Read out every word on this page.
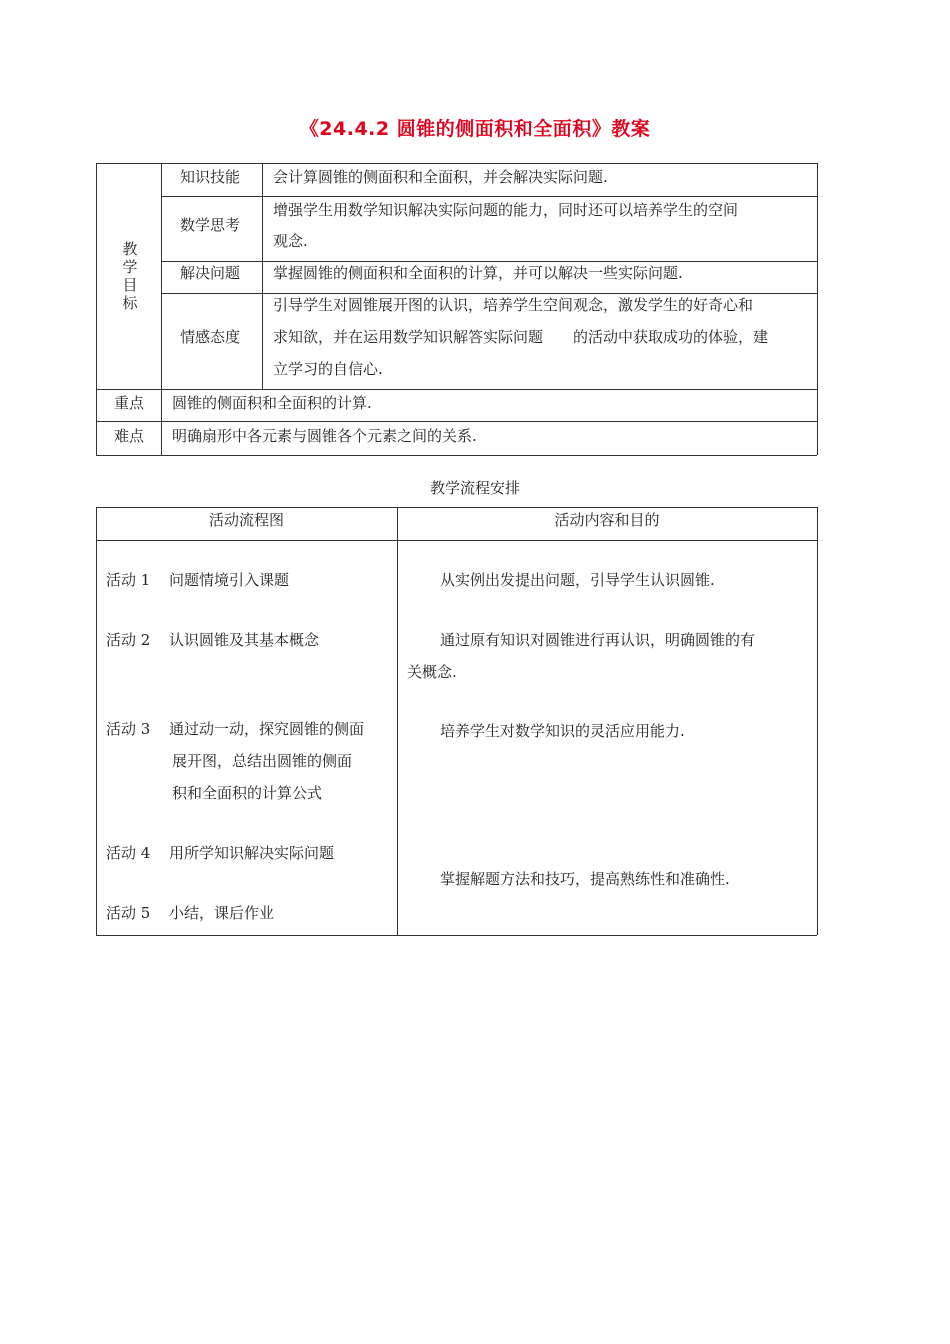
《24.4.2 圆锥的侧面积和全面积》教案
教学目标
知识技能
数学思考
解决问题
情感态度
会计算圆锥的侧面积和全面积，并会解决实际问题.
增强学生用数学知识解决实际问题的能力，同时还可以培养学生的空间
观念.
掌握圆锥的侧面积和全面积的计算，并可以解决一些实际问题.
引导学生对圆锥展开图的认识，培养学生空间观念，激发学生的好奇心和
求知欲，并在运用数学知识解答实际问题　　的活动中获取成功的体验，建
立学习的自信心.
重点 圆锥的侧面积和全面积的计算.
难点 明确扇形中各元素与圆锥各个元素之间的关系.
教学流程安排
活动流程图	活动内容和目的
活动 1 问题情境引入课题
活动 2 认识圆锥及其基本概念
活动 3 通过动一动，探究圆锥的侧面
展开图，总结出圆锥的侧面
积和全面积的计算公式
活动 4 用所学知识解决实际问题
活动 5 小结，课后作业
从实例出发提出问题，引导学生认识圆锥.
通过原有知识对圆锥进行再认识，明确圆锥的有
关概念.
培养学生对数学知识的灵活应用能力.
掌握解题方法和技巧，提高熟练性和准确性.
